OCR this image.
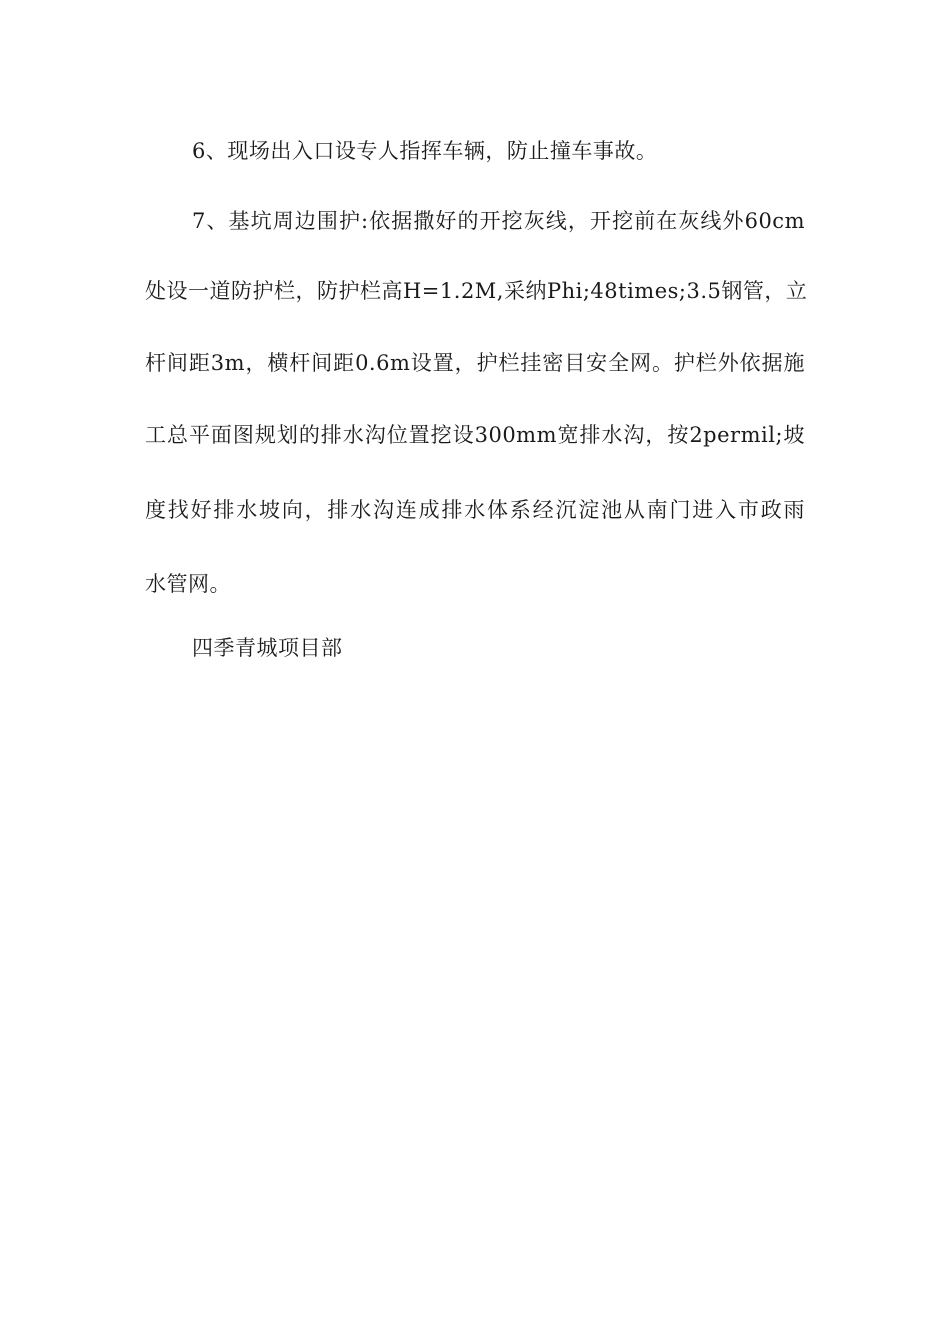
6、现场出入口设专人指挥车辆，防止撞车事故。
7、基坑周边围护:依据撒好的开挖灰线，开挖前在灰线外60cm
处设一道防护栏，防护栏高H=1.2M,采纳Phi;48times;3.5钢管，立
杆间距3m，横杆间距0.6m设置，护栏挂密目安全网。护栏外依据施
工总平面图规划的排水沟位置挖设300mm宽排水沟，按2permil;坡
度找好排水坡向，排水沟连成排水体系经沉淀池从南门进入市政雨
水管网。
四季青城项目部
